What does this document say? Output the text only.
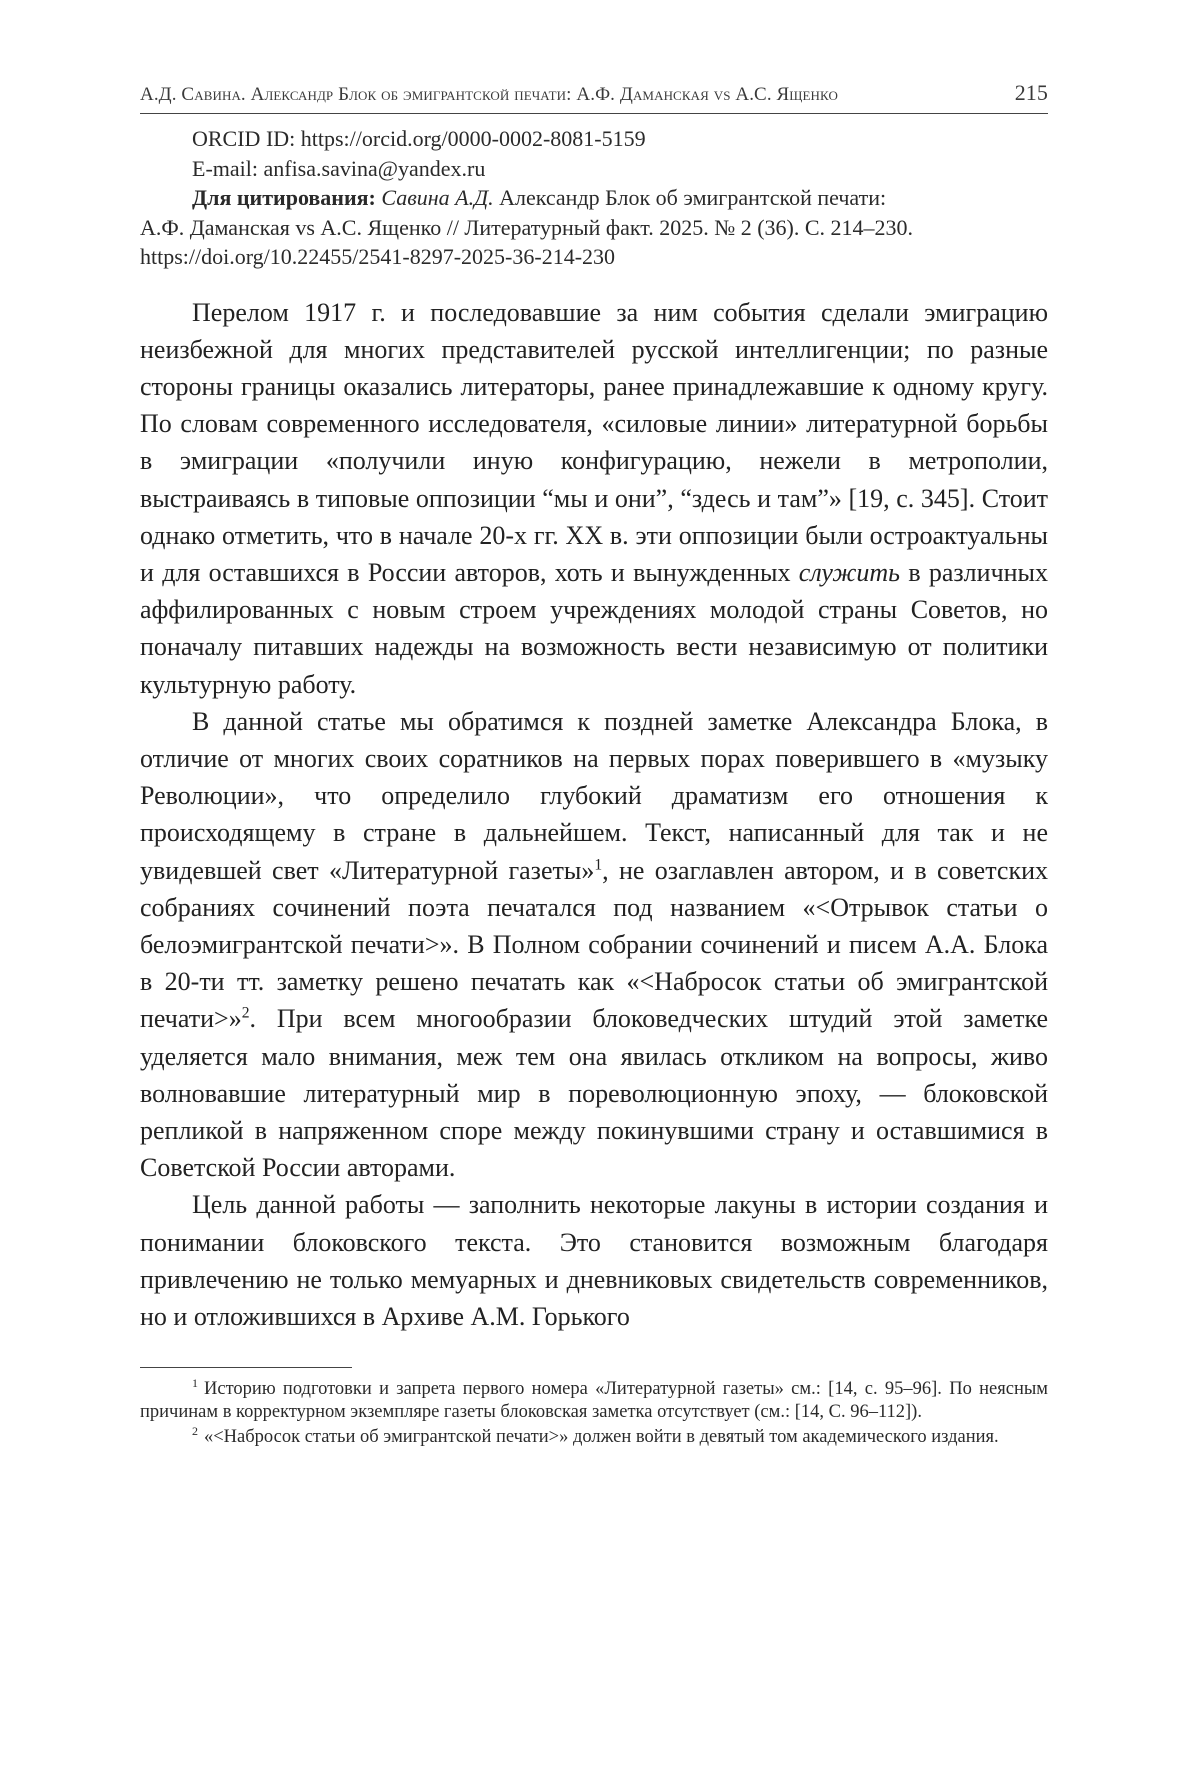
А.Д. Савина. Александр Блок об эмигрантской печати: А.Ф. Даманская vs А.С. Ященко	215
ORCID ID: https://orcid.org/0000-0002-8081-5159
E-mail: anfisa.savina@yandex.ru
Для цитирования: Савина А.Д. Александр Блок об эмигрантской печати:
А.Ф. Даманская vs А.С. Ященко // Литературный факт. 2025. № 2 (36). С. 214–230.
https://doi.org/10.22455/2541-8297-2025-36-214-230

Перелом 1917 г. и последовавшие за ним события сделали эмиграцию неизбежной для многих представителей русской интеллигенции; по разные стороны границы оказались литераторы, ранее принадлежавшие к одному кругу. По словам современного исследователя, «силовые линии» литературной борьбы в эмиграции «получили иную конфигурацию, нежели в метрополии, выстраиваясь в типовые оппозиции “мы и они”, “здесь и там”» [19, с. 345]. Стоит однако отметить, что в начале 20-х гг. XX в. эти оппозиции были остроактуальны и для оставшихся в России авторов, хоть и вынужденных служить в различных аффилированных с новым строем учреждениях молодой страны Советов, но поначалу питавших надежды на возможность вести независимую от политики культурную работу.

В данной статье мы обратимся к поздней заметке Александра Блока, в отличие от многих своих соратников на первых порах поверившего в «музыку Революции», что определило глубокий драматизм его отношения к происходящему в стране в дальнейшем. Текст, написанный для так и не увидевшей свет «Литературной газеты»$^1$, не озаглавлен автором, и в советских собраниях сочинений поэта печатался под названием «<Отрывок статьи о белоэмигрантской печати>». В Полном собрании сочинений и писем А.А. Блока в 20-ти тт. заметку решено печатать как «<Набросок статьи об эмигрантской печати>»$^2$. При всем многообразии блоковедческих штудий этой заметке уделяется мало внимания, меж тем она явилась откликом на вопросы, живо волновавшие литературный мир в пореволюционную эпоху, — блоковской репликой в напряженном споре между покинувшими страну и оставшимися в Советской России авторами.

Цель данной работы — заполнить некоторые лакуны в истории создания и понимании блоковского текста. Это становится возможным благодаря привлечению не только мемуарных и дневниковых свидетельств современников, но и отложившихся в Архиве А.М. Горького

$^1$ Историю подготовки и запрета первого номера «Литературной газеты» см.: [14, с. 95–96]. По неясным причинам в корректурном экземпляре газеты блоковская заметка отсутствует (см.: [14, С. 96–112]).

$^2$ «<Набросок статьи об эмигрантской печати>» должен войти в девятый том академического издания.
